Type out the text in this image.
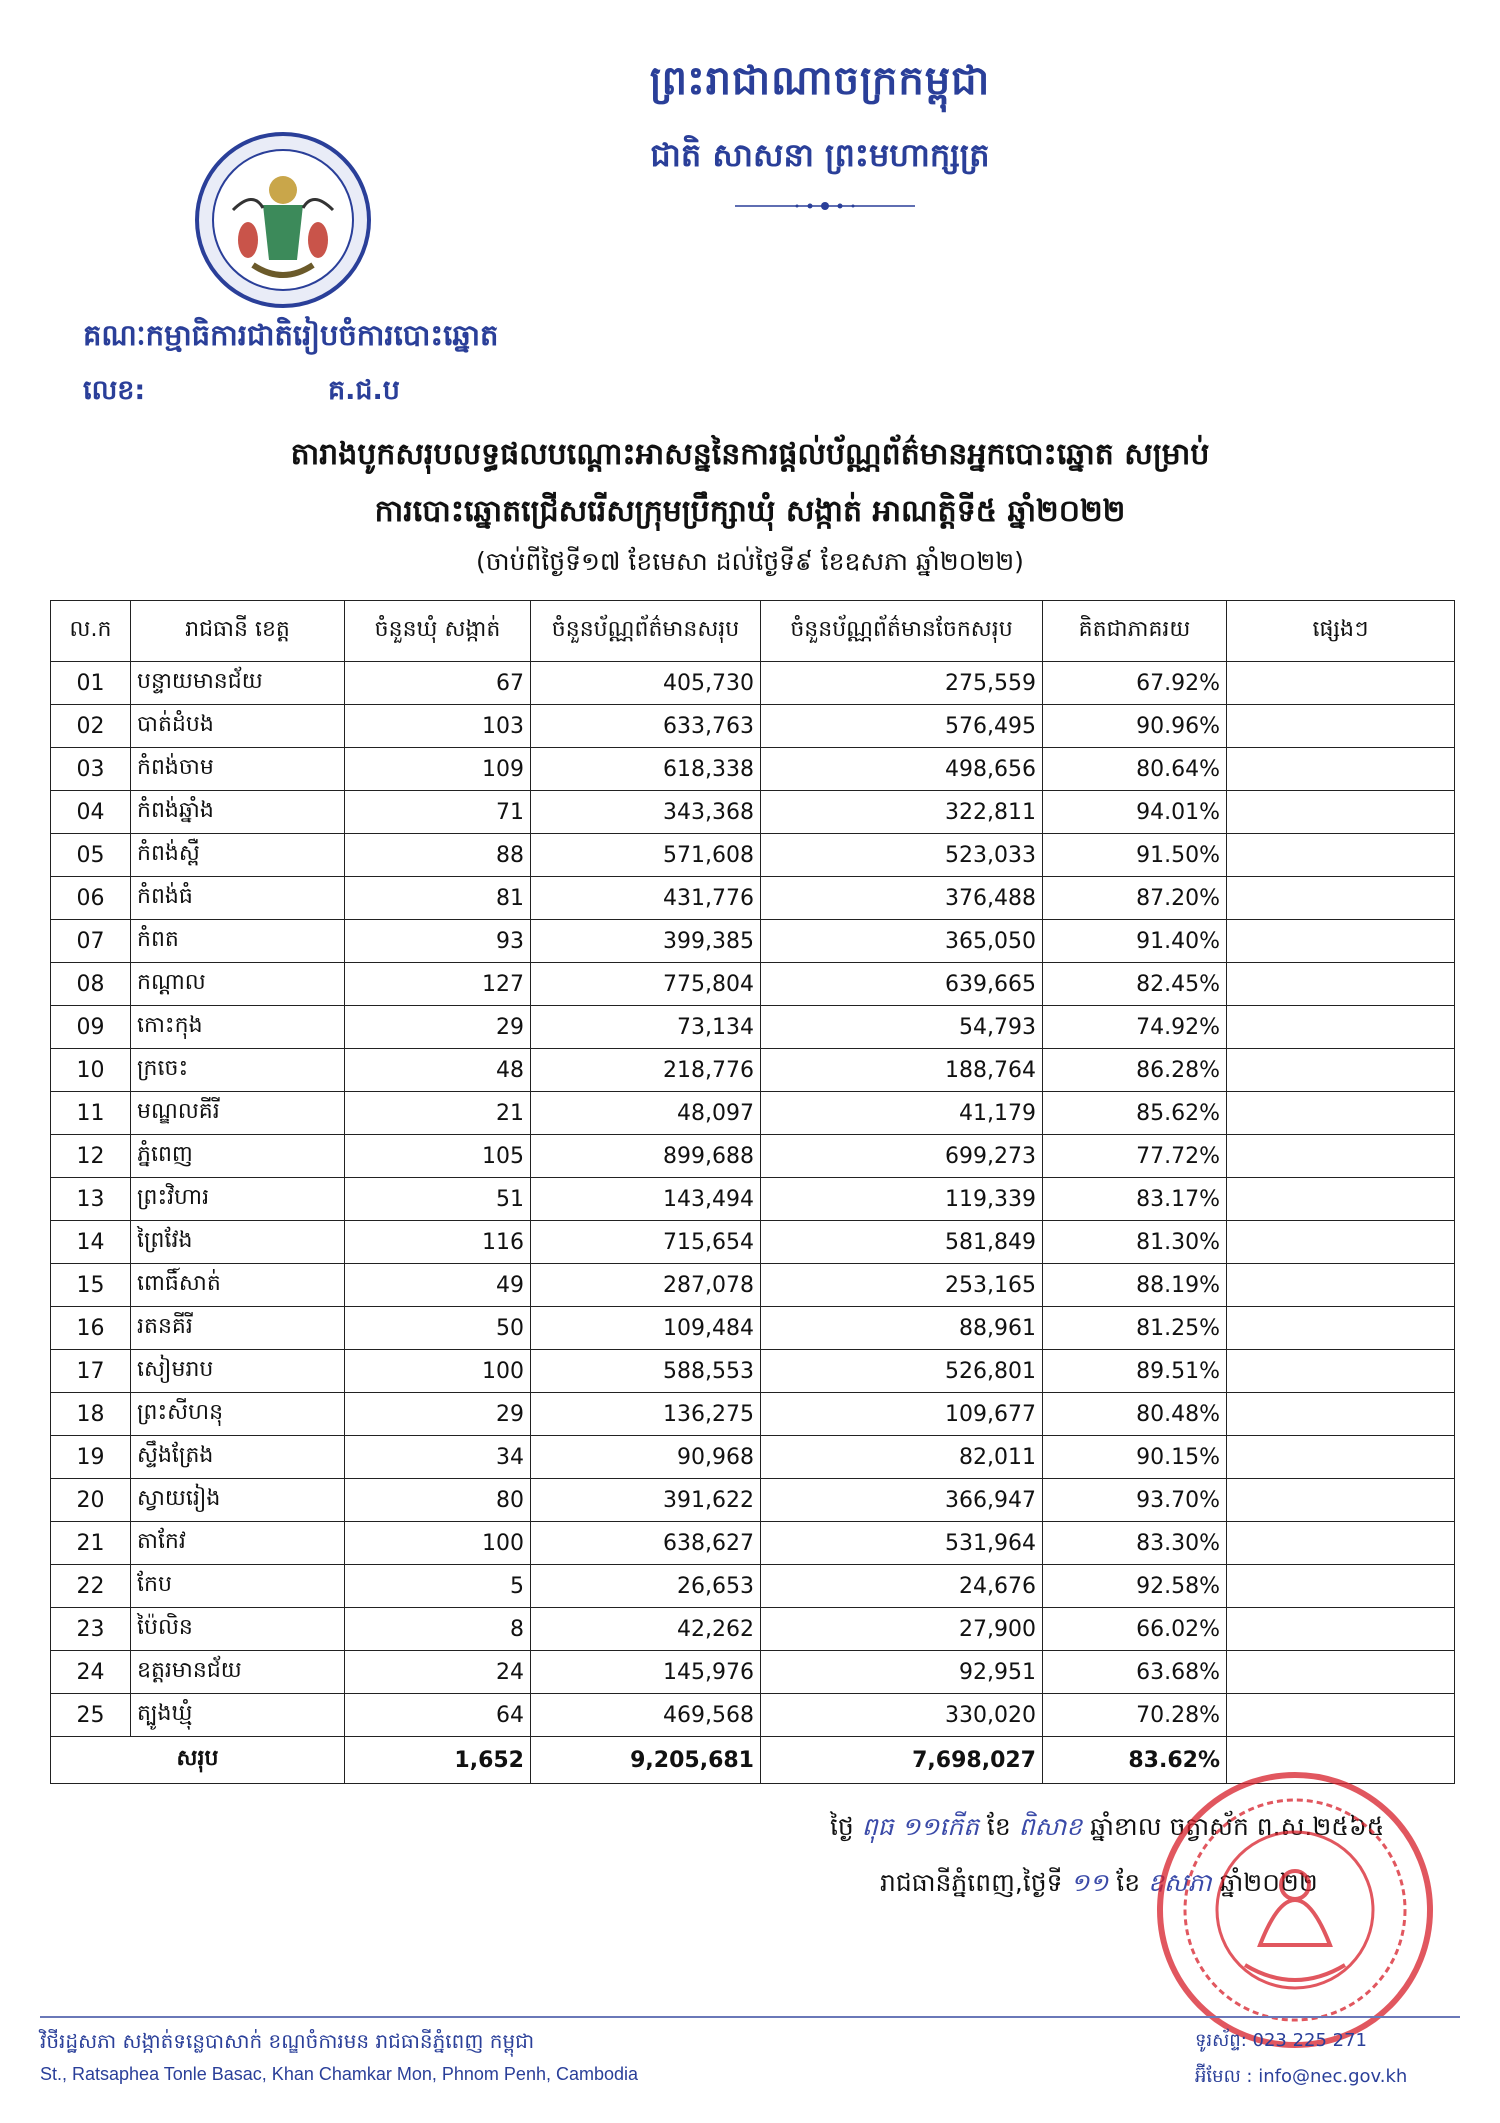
ព្រះរាជាណាចក្រកម្ពុជា
ជាតិ សាសនា ព្រះមហាក្សត្រ
គណៈកម្មាធិការជាតិរៀបចំការបោះឆ្នោត
លេខ:	គ.ជ.ប
តារាងបូកសរុបលទ្ធផលបណ្ដោះអាសន្ននៃការផ្ដល់ប័ណ្ណព័ត៌មានអ្នកបោះឆ្នោត សម្រាប់
ការបោះឆ្នោតជ្រើសរើសក្រុមប្រឹក្សាឃុំ សង្កាត់ អាណត្តិទី៥ ឆ្នាំ២០២២
(ចាប់ពីថ្ងៃទី១៧ ខែមេសា ដល់ថ្ងៃទី៩ ខែឧសភា ឆ្នាំ២០២២)
ល.ក	រាជធានី ខេត្ត	ចំនួនឃុំ សង្កាត់	ចំនួនប័ណ្ណព័ត៌មានសរុប	ចំនួនប័ណ្ណព័ត៌មានចែកសរុប	គិតជាភាគរយ	ផ្សេងៗ
01	បន្ទាយមានជ័យ	67	405,730	275,559	67.92%	
02	បាត់ដំបង	103	633,763	576,495	90.96%	
03	កំពង់ចាម	109	618,338	498,656	80.64%	
04	កំពង់ឆ្នាំង	71	343,368	322,811	94.01%	
05	កំពង់ស្ពឺ	88	571,608	523,033	91.50%	
06	កំពង់ធំ	81	431,776	376,488	87.20%	
07	កំពត	93	399,385	365,050	91.40%	
08	កណ្ដាល	127	775,804	639,665	82.45%	
09	កោះកុង	29	73,134	54,793	74.92%	
10	ក្រចេះ	48	218,776	188,764	86.28%	
11	មណ្ឌលគីរី	21	48,097	41,179	85.62%	
12	ភ្នំពេញ	105	899,688	699,273	77.72%	
13	ព្រះវិហារ	51	143,494	119,339	83.17%	
14	ព្រៃវែង	116	715,654	581,849	81.30%	
15	ពោធិ៍សាត់	49	287,078	253,165	88.19%	
16	រតនគីរី	50	109,484	88,961	81.25%	
17	សៀមរាប	100	588,553	526,801	89.51%	
18	ព្រះសីហនុ	29	136,275	109,677	80.48%	
19	ស្ទឹងត្រែង	34	90,968	82,011	90.15%	
20	ស្វាយរៀង	80	391,622	366,947	93.70%	
21	តាកែវ	100	638,627	531,964	83.30%	
22	កែប	5	26,653	24,676	92.58%	
23	ប៉ៃលិន	8	42,262	27,900	66.02%	
24	ឧត្ដរមានជ័យ	24	145,976	92,951	63.68%	
25	ត្បូងឃ្មុំ	64	469,568	330,020	70.28%	
សរុប		1,652	9,205,681	7,698,027	83.62%	
ថ្ងៃ ពុធ ១១កើត ខែ ពិសាខ ឆ្នាំខាល ចត្វាស័ក ព.ស.២៥៦៥
រាជធានីភ្នំពេញ,ថ្ងៃទី ១១ ខែ ឧសភា ឆ្នាំ២០២២
វិថីរដ្ឋសភា សង្កាត់ទន្លេបាសាក់ ខណ្ឌចំការមន រាជធានីភ្នំពេញ កម្ពុជា
St., Ratsaphea Tonle Basac, Khan Chamkar Mon, Phnom Penh, Cambodia
ទូរស័ព្ទ: 023 225 271
អ៊ីមែល : info@nec.gov.kh
